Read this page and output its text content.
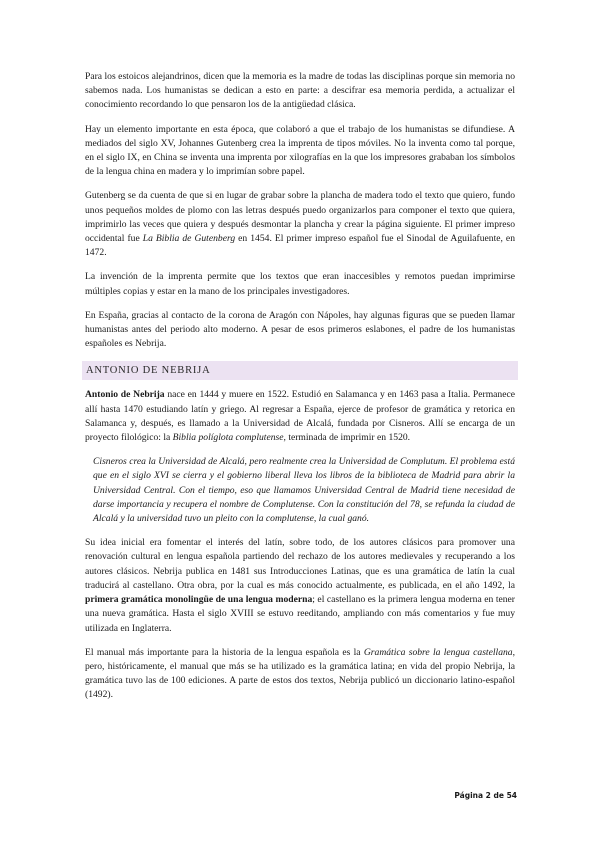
Para los estoicos alejandrinos, dicen que la memoria es la madre de todas las disciplinas porque sin memoria no sabemos nada. Los humanistas se dedican a esto en parte: a descifrar esa memoria perdida, a actualizar el conocimiento recordando lo que pensaron los de la antigüedad clásica.

Hay un elemento importante en esta época, que colaboró a que el trabajo de los humanistas se difundiese. A mediados del siglo XV, Johannes Gutenberg crea la imprenta de tipos móviles. No la inventa como tal porque, en el siglo IX, en China se inventa una imprenta por xilografías en la que los impresores grababan los símbolos de la lengua china en madera y lo imprimían sobre papel.

Gutenberg se da cuenta de que si en lugar de grabar sobre la plancha de madera todo el texto que quiero, fundo unos pequeños moldes de plomo con las letras después puedo organizarlos para componer el texto que quiera, imprimirlo las veces que quiera y después desmontar la plancha y crear la página siguiente. El primer impreso occidental fue La Biblia de Gutenberg en 1454. El primer impreso español fue el Sinodal de Aguilafuente, en 1472.

La invención de la imprenta permite que los textos que eran inaccesibles y remotos puedan imprimirse múltiples copias y estar en la mano de los principales investigadores.

En España, gracias al contacto de la corona de Aragón con Nápoles, hay algunas figuras que se pueden llamar humanistas antes del periodo alto moderno. A pesar de esos primeros eslabones, el padre de los humanistas españoles es Nebrija.

ANTONIO DE NEBRIJA

Antonio de Nebrija nace en 1444 y muere en 1522. Estudió en Salamanca y en 1463 pasa a Italia. Permanece allí hasta 1470 estudiando latín y griego. Al regresar a España, ejerce de profesor de gramática y retorica en Salamanca y, después, es llamado a la Universidad de Alcalá, fundada por Cisneros. Allí se encarga de un proyecto filológico: la Biblia políglota complutense, terminada de imprimir en 1520.

Cisneros crea la Universidad de Alcalá, pero realmente crea la Universidad de Complutum. El problema está que en el siglo XVI se cierra y el gobierno liberal lleva los libros de la biblioteca de Madrid para abrir la Universidad Central. Con el tiempo, eso que llamamos Universidad Central de Madrid tiene necesidad de darse importancia y recupera el nombre de Complutense. Con la constitución del 78, se refunda la ciudad de Alcalá y la universidad tuvo un pleito con la complutense, la cual ganó.

Su idea inicial era fomentar el interés del latín, sobre todo, de los autores clásicos para promover una renovación cultural en lengua española partiendo del rechazo de los autores medievales y recuperando a los autores clásicos. Nebrija publica en 1481 sus Introducciones Latinas, que es una gramática de latín la cual traducirá al castellano. Otra obra, por la cual es más conocido actualmente, es publicada, en el año 1492, la primera gramática monolingüe de una lengua moderna; el castellano es la primera lengua moderna en tener una nueva gramática. Hasta el siglo XVIII se estuvo reeditando, ampliando con más comentarios y fue muy utilizada en Inglaterra.

El manual más importante para la historia de la lengua española es la Gramática sobre la lengua castellana, pero, históricamente, el manual que más se ha utilizado es la gramática latina; en vida del propio Nebrija, la gramática tuvo las de 100 ediciones. A parte de estos dos textos, Nebrija publicó un diccionario latino-español (1492).

Página 2 de 54
